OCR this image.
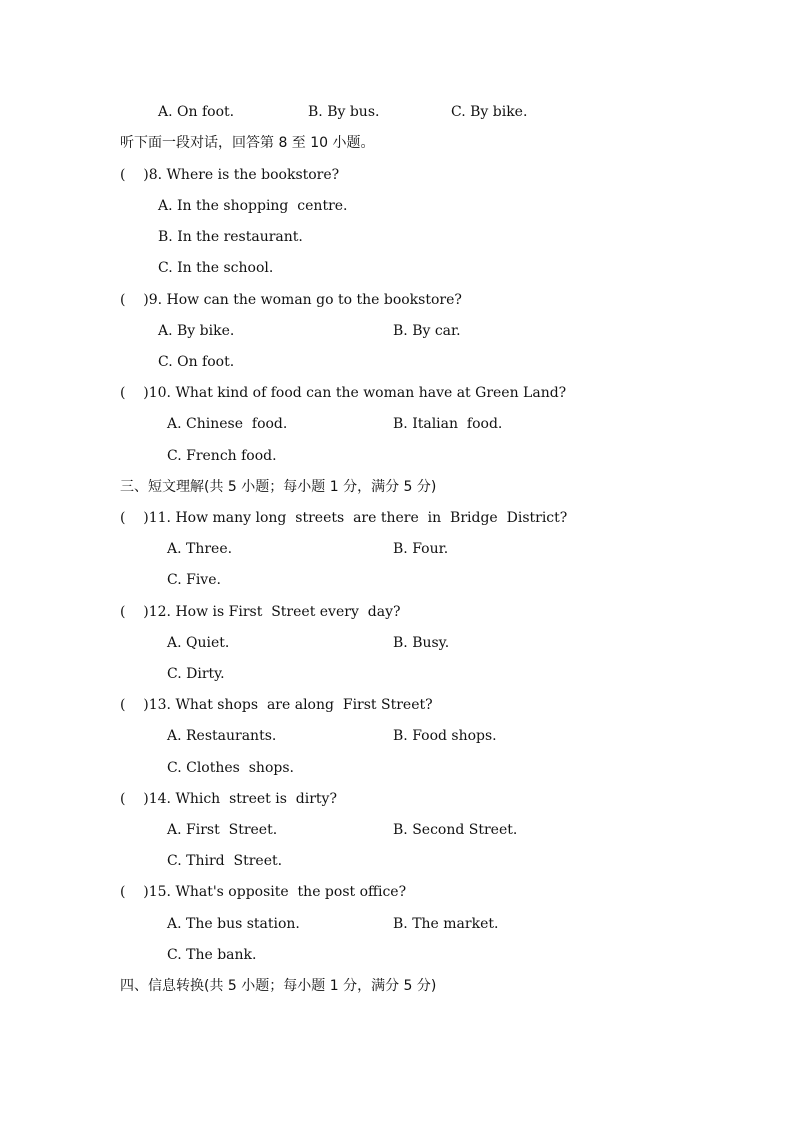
A. On foot.	B. By bus.	C. By bike.
听下面一段对话，回答第 8 至 10 小题。
(    )8. Where is the bookstore?
A. In the shopping  centre.
B. In the restaurant.
C. In the school.
(    )9. How can the woman go to the bookstore?
A. By bike.	B. By car.
C. On foot.
(    )10. What kind of food can the woman have at Green Land?
A. Chinese  food.	B. Italian  food.
C. French food.
三、短文理解(共 5 小题；每小题 1 分，满分 5 分)
(    )11. How many long  streets  are there  in  Bridge  District?
A. Three.	B. Four.
C. Five.
(    )12. How is First  Street every  day?
A. Quiet.	B. Busy.
C. Dirty.
(    )13. What shops  are along  First Street?
A. Restaurants.	B. Food shops.
C. Clothes  shops.
(    )14. Which  street is  dirty?
A. First  Street.	B. Second Street.
C. Third  Street.
(    )15. What's opposite  the post office?
A. The bus station.	B. The market.
C. The bank.
四、信息转换(共 5 小题；每小题 1 分，满分 5 分)
